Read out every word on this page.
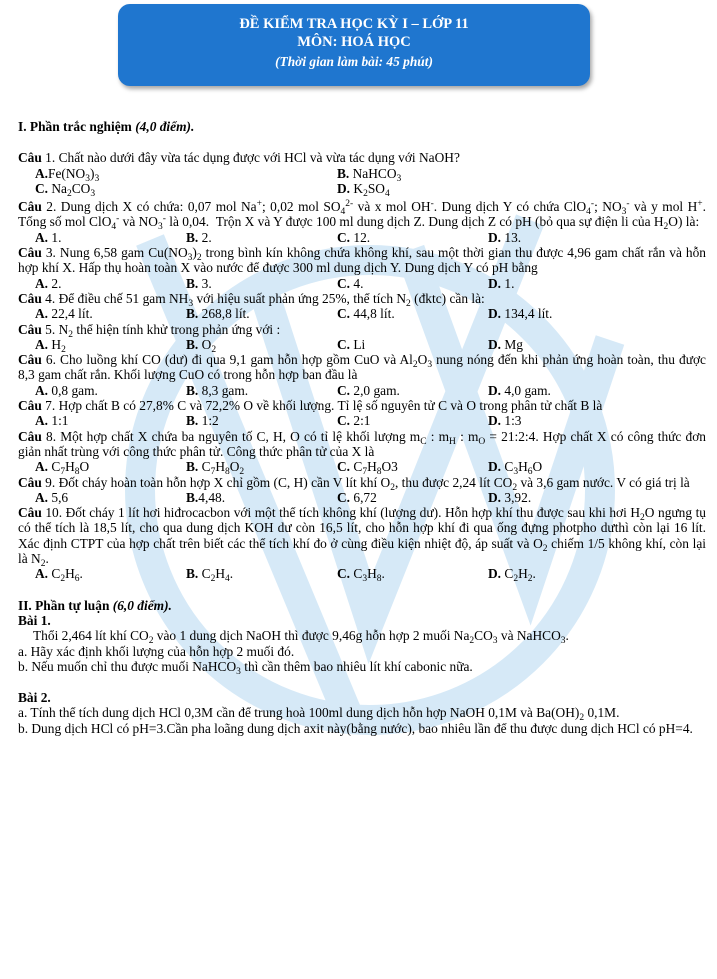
ĐỀ KIỂM TRA HỌC KỲ I – LỚP 11
MÔN: HOÁ HỌC
(Thời gian làm bài: 45 phút)

I. Phần trắc nghiệm (4,0 điểm).

Câu 1. Chất nào dưới đây vừa tác dụng được với HCl và vừa tác dụng với NaOH?

$A.Fe(NO_3)_3$	B. NaHCO$_3$
C. $Na_2CO_3$	D. $K_2SO_4$

Câu 2. Dung dịch X có chứa: 0,07 mol Na+; 0,02 mol $SO_4^{2-}$ và x mol OH-. Dung dịch Y có chứa ClO$_4$-; $NO_3^-$ và y mol H+. Tổng số mol ClO$_4$- và $NO_3^-$ là 0,04.  Trộn X và Y được 100 ml dung dịch Z. Dung dịch Z có pH (bỏ qua sự điện li của $H_2O$) là:

A. 1.	B. 2.	C. 12.	D. 13.

Câu 3. Nung 6,58 gam $Cu(NO_3)_2$ trong bình kín không chứa không khí, sau một thời gian thu được 4,96 gam chất rắn và hỗn hợp khí X. Hấp thụ hoàn toàn X vào nước để được 300 ml dung dịch Y. Dung dịch Y có pH bằng

A. 2.	B. 3.	C. 4.	D. 1.

Câu 4. Để điều chế 51 gam $NH_3$ với hiệu suất phản ứng 25%, thể tích $N_2$ (đktc) cần là:

A. 22,4 lít.	B. 268,8 lít.	C. 44,8 lít.	D. 134,4 lít.

Câu 5. $N_2$ thể hiện tính khử trong phản ứng với :

A. $H_2$	B. $O_2$	C. Li	D. Mg

Câu 6. Cho luồng khí CO (dư) đi qua 9,1 gam hỗn hợp gồm CuO và $Al_2O_3$ nung nóng đến khi phản ứng hoàn toàn, thu được 8,3 gam chất rắn. Khối lượng CuO có trong hỗn hợp ban đầu là

A. 0,8 gam.	B. 8,3 gam.	C. 2,0 gam.	D. 4,0 gam.

Câu 7. Hợp chất B có 27,8% C và 72,2% O về khối lượng. Tỉ lệ số nguyên tử C và O trong phân tử chất B là

A. 1:1	B. 1:2	C. 2:1	D. 1:3

Câu 8. Một hợp chất X chứa ba nguyên tố C, H, O có tỉ lệ khối lượng $m_C$ : $m_H$ : $m_O$ = 21:2:4. Hợp chất X có công thức đơn giản nhất trùng với công thức phân tử. Công thức phân tử của X là

A. $C_7H_8O$	B. $C_7H_8O_2$	C. $C_7H_8O3$	D. $C_3H_6O$

Câu 9. Đốt cháy hoàn toàn hỗn hợp X chỉ gồm (C, H) cần V lít khí $O_2$, thu được 2,24 lít $CO_2$ và 3,6 gam nước. V có giá trị là

A. 5,6	B.4,48.	C. 6,72	D. 3,92.

Câu 10. Đốt cháy 1 lít hơi hiđrocacbon với một thể tích không khí (lượng dư). Hỗn hợp khí thu được sau khi hơi $H_2O$ ngưng tụ có thể tích là 18,5 lít, cho qua dung dịch KOH dư còn 16,5 lít, cho hỗn hợp khí đi qua ống đựng photpho dưthì còn lại 16 lít. Xác định CTPT của hợp chất trên biết các thể tích khí đo ở cùng điều kiện nhiệt độ, áp suất và $O_2$ chiếm 1/5 không khí, còn lại là $N_2$.

A. $C_2H_6$.	B. $C_2H_4$.	C. $C_3H_8$.	D. $C_2H_2$.

II. Phần tự luận (6,0 điểm).

Bài 1.

Thổi 2,464 lít khí $CO_2$ vào 1 dung dịch NaOH thì được 9,46g hỗn hợp 2 muối $Na_2CO_3$ và NaHCO$_3$.

a. Hãy xác định khối lượng của hỗn hợp 2 muối đó.

b. Nếu muốn chỉ thu được muối NaHCO$_3$ thì cần thêm bao nhiêu lít khí cabonic nữa.

Bài 2.

a. Tính thể tích dung dịch HCl 0,3M cần để trung hoà 100ml dung dịch hỗn hợp NaOH 0,1M và $Ba(OH)_2$ 0,1M.

b. Dung dịch HCl có pH=3.Cần pha loãng dung dịch axit này(bằng nước), bao nhiêu lần để thu được dung dịch HCl có pH=4.
